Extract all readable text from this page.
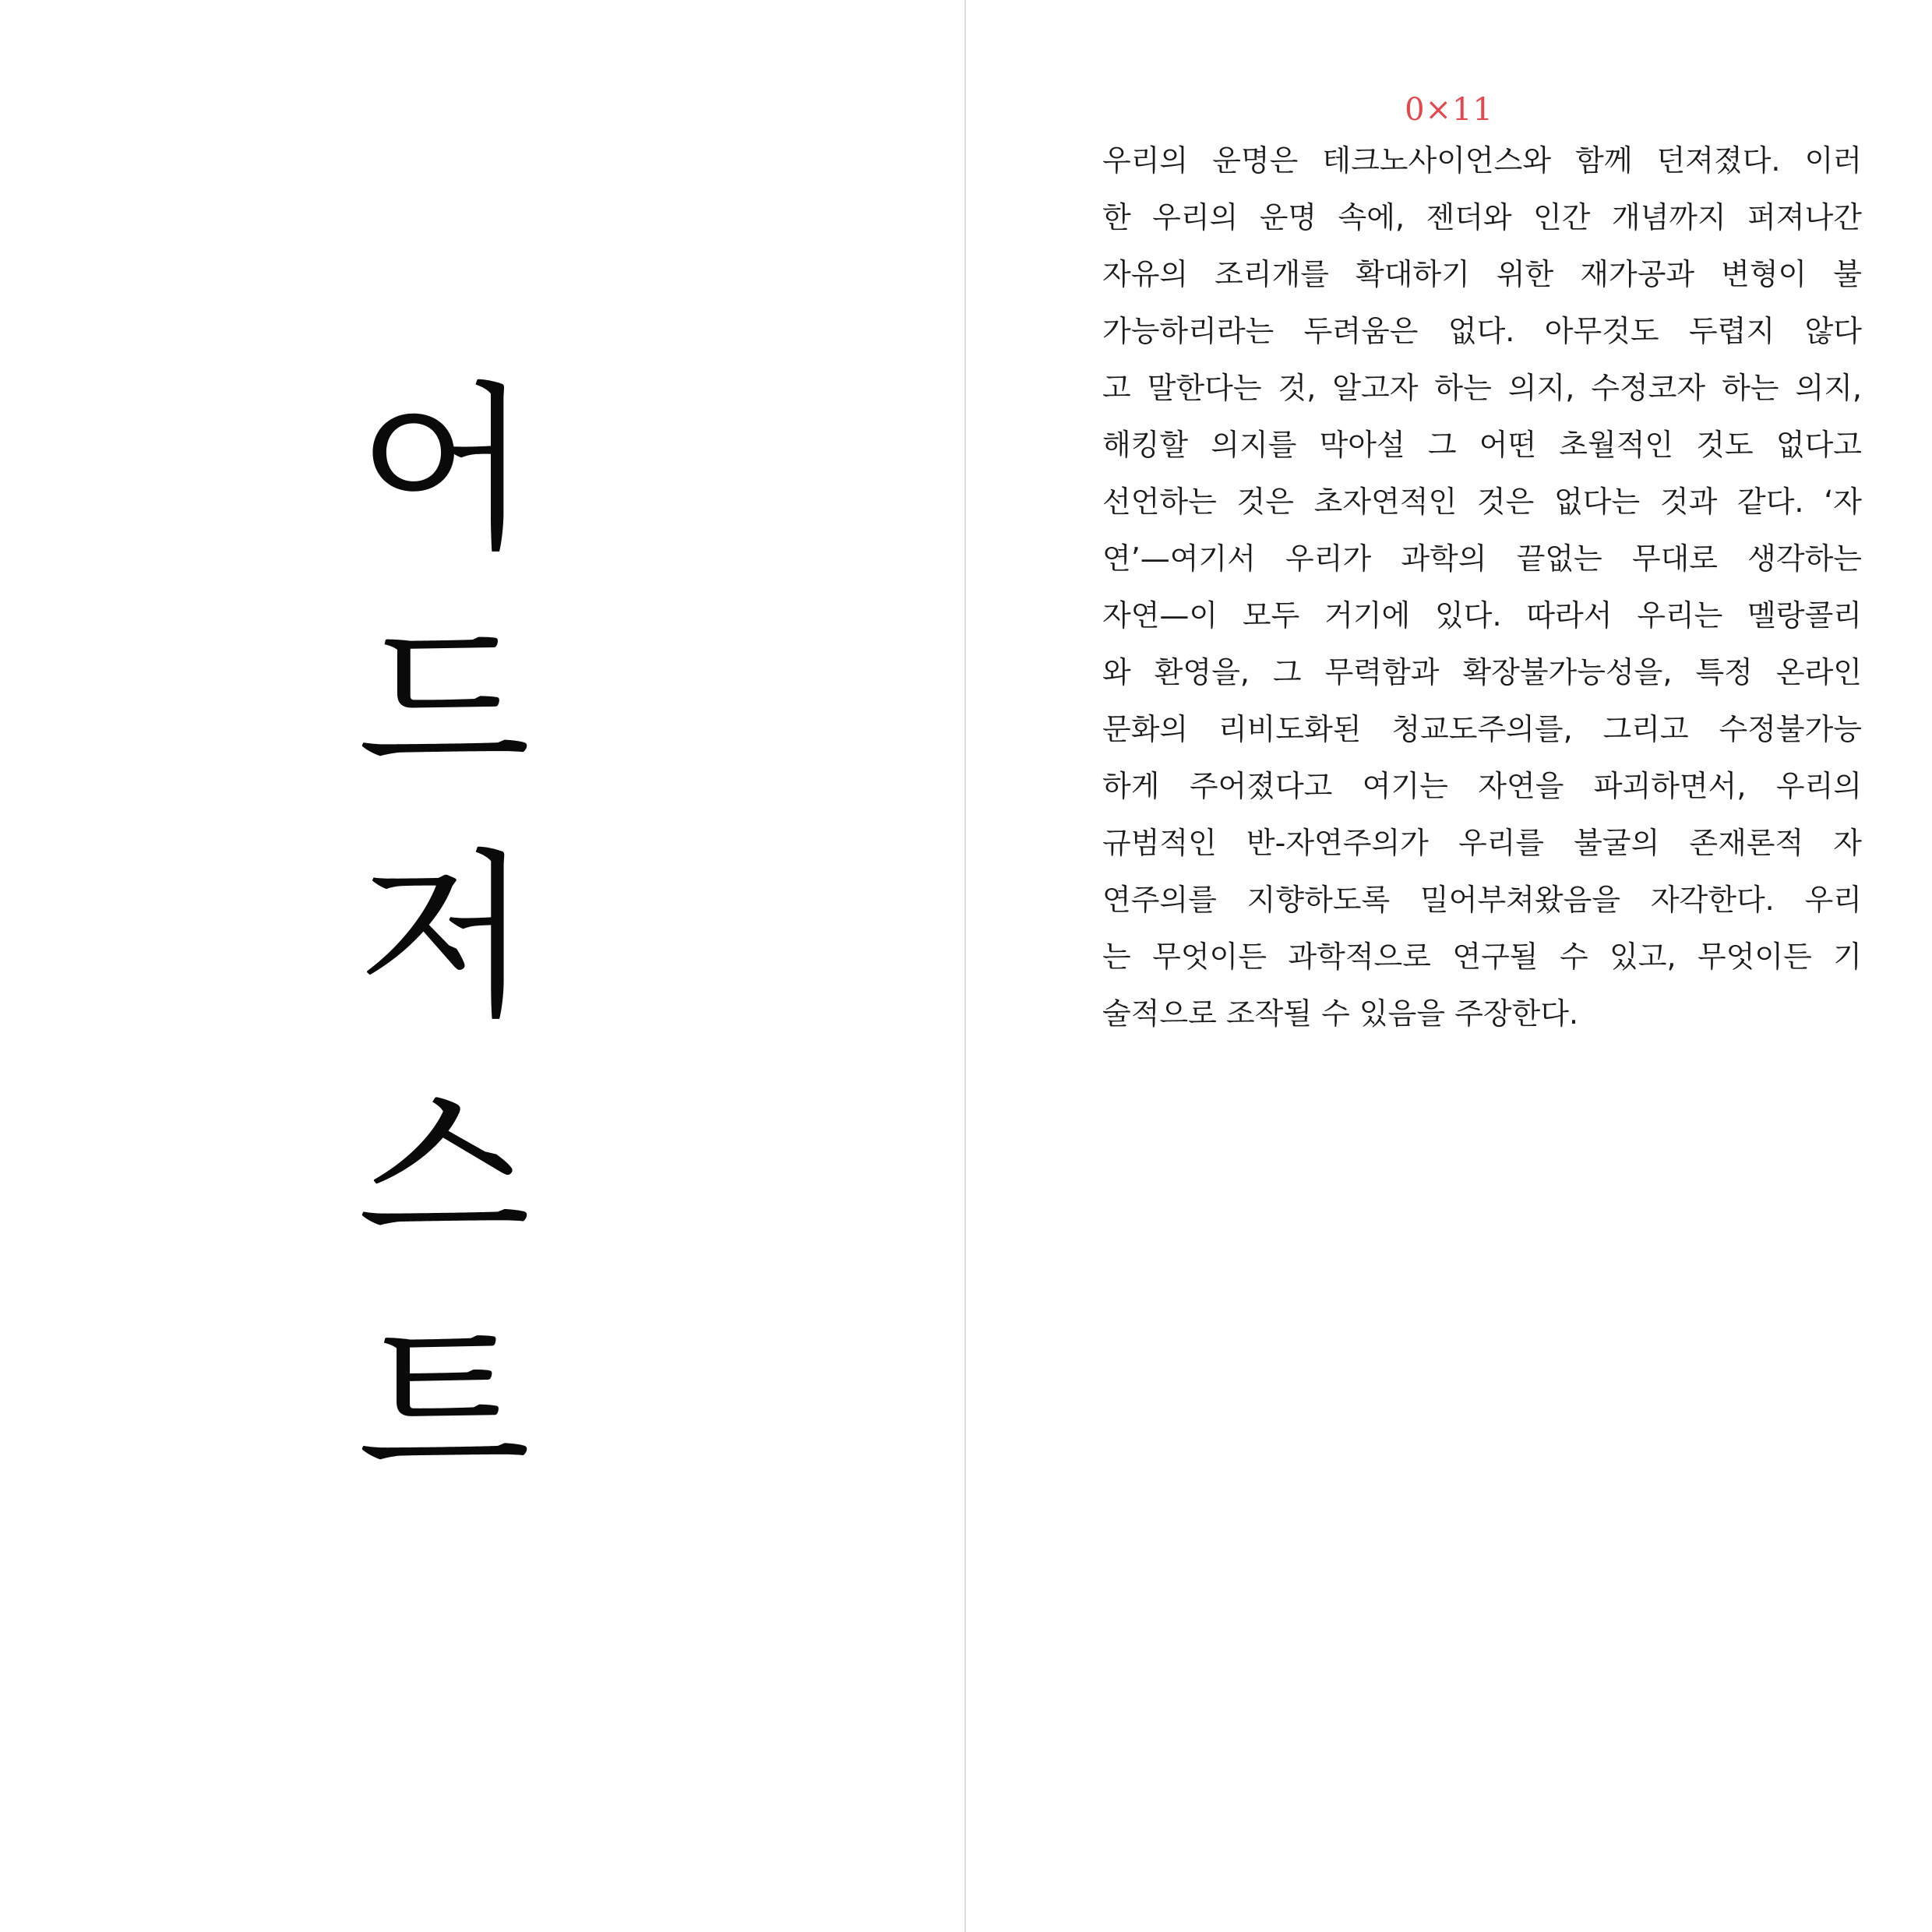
어
드
저
스
트

0×11

우리의 운명은 테크노사이언스와 함께 던져졌다. 이러
한 우리의 운명 속에, 젠더와 인간 개념까지 퍼져나간
자유의 조리개를 확대하기 위한 재가공과 변형이 불
가능하리라는 두려움은 없다. 아무것도 두렵지 않다
고 말한다는 것, 알고자 하는 의지, 수정코자 하는 의지,
해킹할 의지를 막아설 그 어떤 초월적인 것도 없다고
선언하는 것은 초자연적인 것은 없다는 것과 같다. ‘자
연’—여기서 우리가 과학의 끝없는 무대로 생각하는
자연—이 모두 거기에 있다. 따라서 우리는 멜랑콜리
와 환영을, 그 무력함과 확장불가능성을, 특정 온라인
문화의 리비도화된 청교도주의를, 그리고 수정불가능
하게 주어졌다고 여기는 자연을 파괴하면서, 우리의
규범적인 반-자연주의가 우리를 불굴의 존재론적 자
연주의를 지향하도록 밀어부쳐왔음을 자각한다. 우리
는 무엇이든 과학적으로 연구될 수 있고, 무엇이든 기
술적으로 조작될 수 있음을 주장한다.
